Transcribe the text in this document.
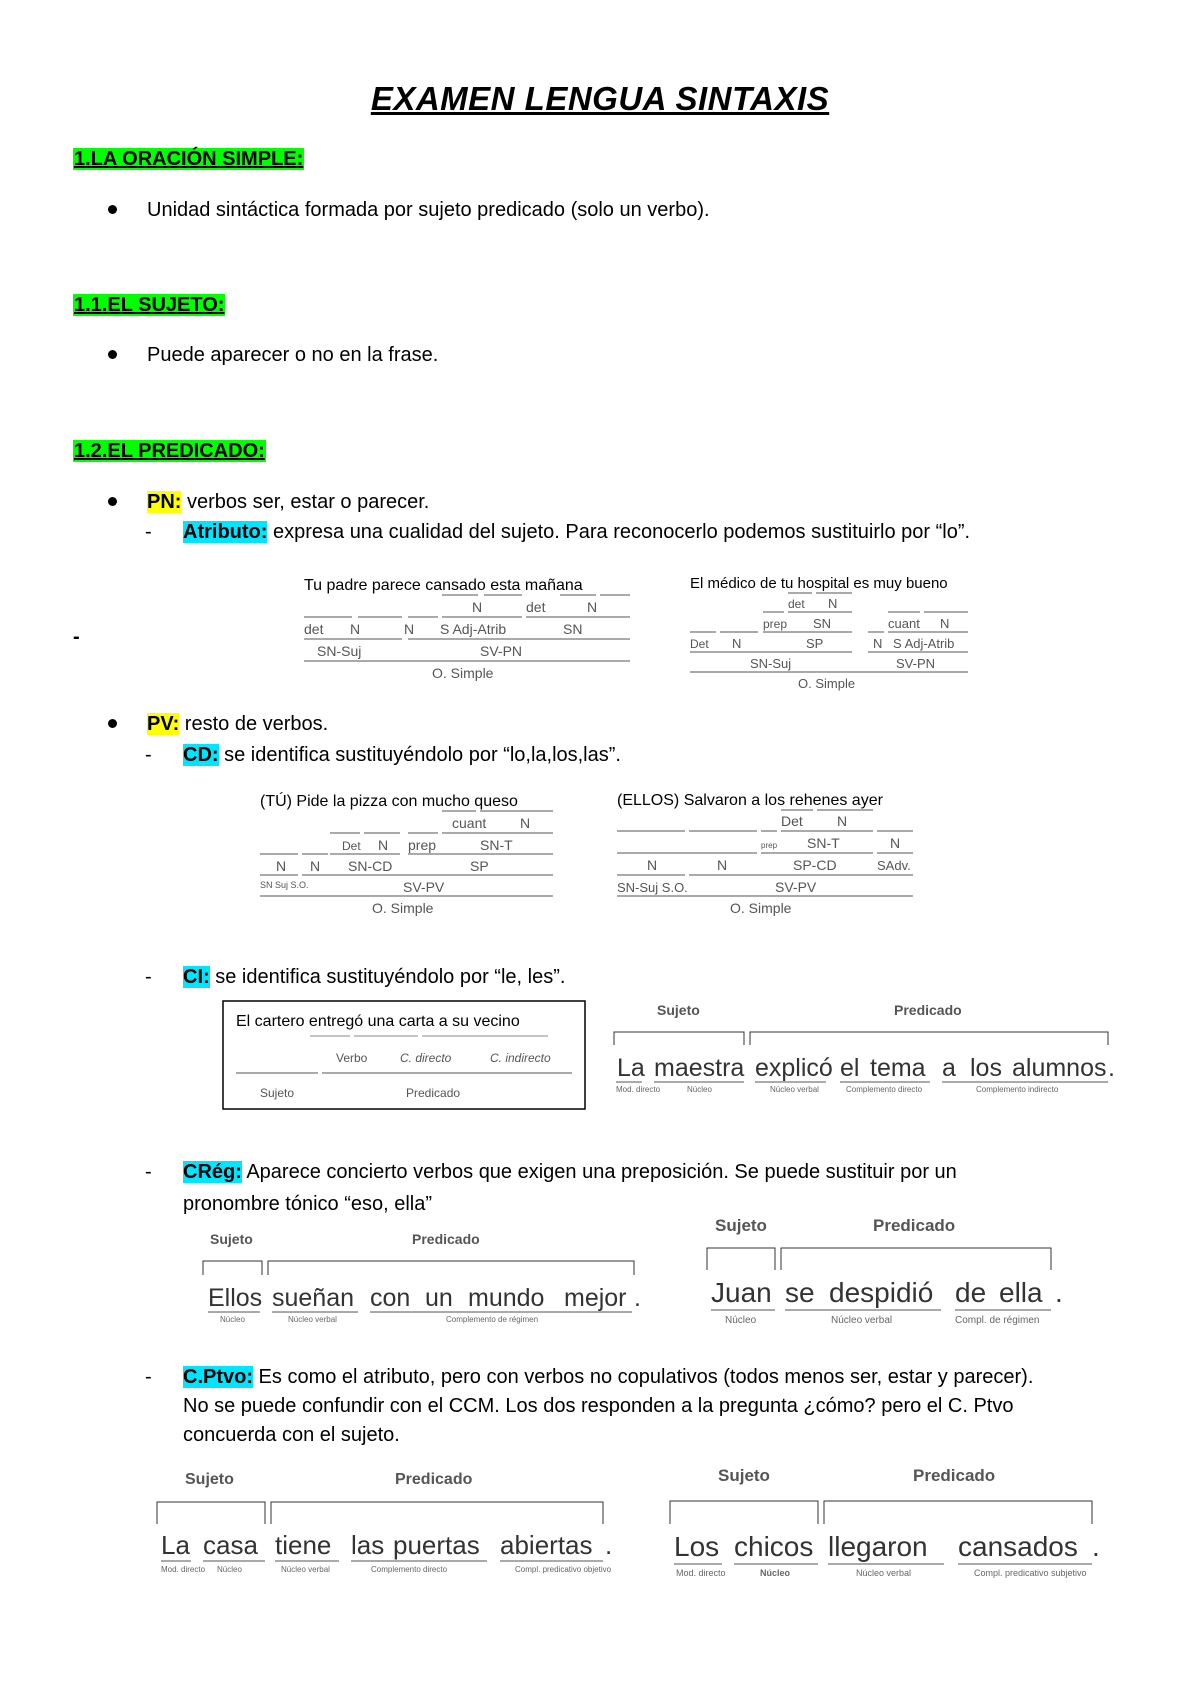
EXAMEN LENGUA SINTAXIS
1.LA ORACIÓN SIMPLE:
Unidad sintáctica formada por sujeto predicado (solo un verbo).
1.1.EL SUJETO:
Puede aparecer o no en la frase.
1.2.EL PREDICADO:
PN: verbos ser, estar o parecer.
- Atributo: expresa una cualidad del sujeto. Para reconocerlo podemos sustituirlo por “lo”.
-
Tu padre parece cansado esta mañana
N	det	N
det N	N S Adj-Atrib	SN
SN-Suj	SV-PN
O. Simple
El médico de tu hospital es muy bueno
det N
prep SN	cuant N
Det N	SP	N S Adj-Atrib
SN-Suj	SV-PN
O. Simple
PV: resto de verbos.
- CD: se identifica sustituyéndolo por “lo,la,los,las”.
(TÚ) Pide la pizza con mucho queso
cuant N
Det N prep	SN-T
N N SN-CD	SP
SN Suj S.O.	SV-PV
O. Simple
(ELLOS) Salvaron a los rehenes ayer
Det N
prep SN-T	N
N	N	SP-CD	SAdv.
SN-Suj S.O.	SV-PV
O. Simple
- CI: se identifica sustituyéndolo por “le, les”.
El cartero entregó una carta a su vecino
Verbo	C. directo	C. indirecto
Sujeto	Predicado
Sujeto	Predicado
La maestra explicó el tema a los alumnos .
Mod. directo	Núcleo	Núcleo verbal	Complemento directo	Complemento indirecto
- CRég: Aparece concierto verbos que exigen una preposición. Se puede sustituir por un
pronombre tónico “eso, ella”
Sujeto	Predicado
Ellos sueñan con un mundo mejor .
Núcleo	Núcleo verbal	Complemento de régimen
Sujeto	Predicado
Juan se despidió de ella .
Núcleo	Núcleo verbal	Compl. de régimen
- C.Ptvo: Es como el atributo, pero con verbos no copulativos (todos menos ser, estar y parecer).
No se puede confundir con el CCM. Los dos responden a la pregunta ¿cómo? pero el C. Ptvo
concuerda con el sujeto.
Sujeto	Predicado
La casa tiene las puertas abiertas .
Mod. directo Núcleo	Núcleo verbal	Complemento directo	Compl. predicativo objetivo
Sujeto	Predicado
Los chicos llegaron cansados .
Mod. directo	Núcleo	Núcleo verbal	Compl. predicativo subjetivo
